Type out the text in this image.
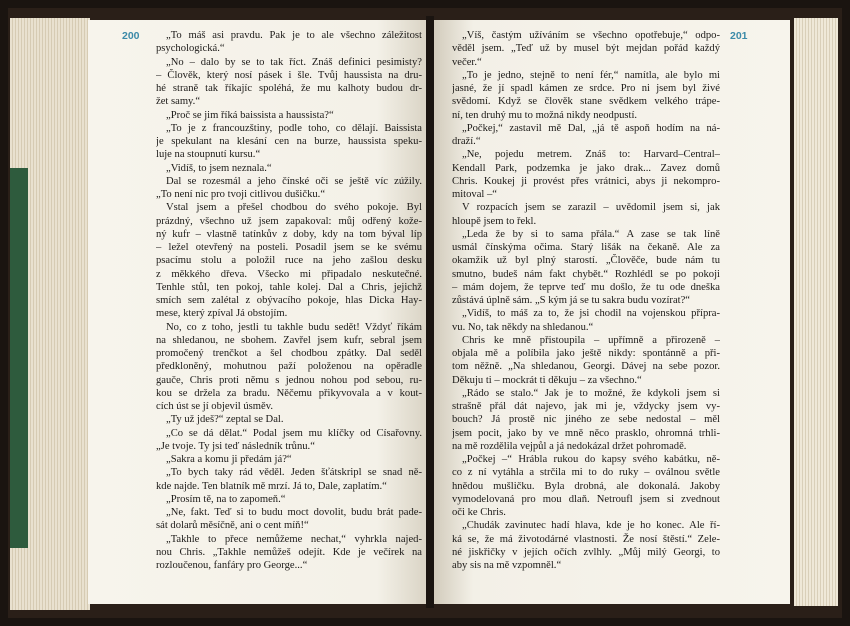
200	201
„To máš asi pravdu. Pak je to ale všechno záležitost
psychologická.“
„No – dalo by se to tak říct. Znáš definici pesimisty?
– Člověk, který nosí pásek i šle. Tvůj haussista na dru-
hé straně tak říkajíc spoléhá, že mu kalhoty budou dr-
žet samy.“
„Proč se jim říká baissista a haussista?“
„To je z francouzštiny, podle toho, co dělají. Baissista
je spekulant na klesání cen na burze, haussista speku-
luje na stoupnutí kursu.“
„Vidíš, to jsem neznala.“
Dal se rozesmál a jeho čínské oči se ještě víc zúžily.
„To není nic pro tvoji citlivou dušičku.“
Vstal jsem a přešel chodbou do svého pokoje. Byl
prázdný, všechno už jsem zapakoval: můj odřený kože-
ný kufr – vlastně tatínkův z doby, kdy na tom býval líp
– ležel otevřený na posteli. Posadil jsem se ke svému
psacímu stolu a položil ruce na jeho zašlou desku
z měkkého dřeva. Všecko mi připadalo neskutečné.
Tenhle stůl, ten pokoj, tahle kolej. Dal a Chris, jejichž
smích sem zalétal z obývacího pokoje, hlas Dicka Hay-
mese, který zpíval Já obstojím.
No, co z toho, jestli tu takhle budu sedět! Vždyť říkám
na shledanou, ne sbohem. Zavřel jsem kufr, sebral jsem
promočený trenčkot a šel chodbou zpátky. Dal seděl
předkloněný, mohutnou paží položenou na opěradle
gauče, Chris proti němu s jednou nohou pod sebou, ru-
kou se držela za bradu. Něčemu přikyvovala a v kout-
cích úst se jí objevil úsměv.
„Ty už jdeš?“ zeptal se Dal.
„Co se dá dělat.“ Podal jsem mu klíčky od Císařovny.
„Je tvoje. Ty jsi teď následník trůnu.“
„Sakra a komu ji předám já?“
„To bych taky rád věděl. Jeden šťátskripl se snad ně-
kde najde. Ten blatník mě mrzí. Já to, Dale, zaplatím.“
„Prosím tě, na to zapomeň.“
„Ne, fakt. Teď si to budu moct dovolit, budu brát pade-
sát dolarů měsíčně, ani o cent míň!“
„Takhle to přece nemůžeme nechat,“ vyhrkla najed-
nou Chris. „Takhle nemůžeš odejít. Kde je večírek na
rozloučenou, fanfáry pro George...“
„Víš, častým užíváním se všechno opotřebuje,“ odpo-
věděl jsem. „Teď už by musel být mejdan pořád každý
večer.“
„To je jedno, stejně to není fér,“ namítla, ale bylo mi
jasné, že jí spadl kámen ze srdce. Pro ni jsem byl živé
svědomí. Když se člověk stane svědkem velkého trápe-
ní, ten druhý mu to možná nikdy neodpustí.
„Počkej,“ zastavil mě Dal, „já tě aspoň hodím na ná-
draží.“
„Ne, pojedu metrem. Znáš to: Harvard–Central–
Kendall Park, podzemka je jako drak... Zavez domů
Chris. Koukej ji provést přes vrátnici, abys ji nekompro-
mitoval –“
V rozpacích jsem se zarazil – uvědomil jsem si, jak
hloupě jsem to řekl.
„Leda že by si to sama přála.“ A zase se tak líně
usmál čínskýma očima. Starý lišák na čekaně. Ale za
okamžik už byl plný starostí. „Člověče, bude nám tu
smutno, budeš nám fakt chybět.“ Rozhlédl se po pokoji
– mám dojem, že teprve teď mu došlo, že tu ode dneška
zůstává úplně sám. „S kým já se tu sakra budu vozírat?“
„Vidíš, to máš za to, že jsi chodil na vojenskou přípra-
vu. No, tak někdy na shledanou.“
Chris ke mně přistoupila – upřímně a přirozeně –
objala mě a políbila jako ještě nikdy: spontánně a při-
tom něžně. „Na shledanou, Georgi. Dávej na sebe pozor.
Děkuju ti – mockrát ti děkuju – za všechno.“
„Rádo se stalo.“ Jak je to možné, že kdykoli jsem si
strašně přál dát najevo, jak mi je, vždycky jsem vy-
bouch? Já prostě nic jiného ze sebe nedostal – měl
jsem pocit, jako by ve mně něco prasklo, ohromná trhli-
na mě rozdělila vejpůl a já nedokázal držet pohromadě.
„Počkej –“ Hrábla rukou do kapsy svého kabátku, ně-
co z ní vytáhla a strčila mi to do ruky – oválnou světle
hnědou mušličku. Byla drobná, ale dokonalá. Jakoby
vymodelovaná pro mou dlaň. Netroufl jsem si zvednout
oči ke Chris.
„Chudák zavinutec hadí hlava, kde je ho konec. Ale ří-
ká se, že má životodárné vlastnosti. Že nosí štěstí.“ Zele-
né jiskřičky v jejích očích zvlhly. „Můj milý Georgi, to
aby sis na mě vzpomněl.“
